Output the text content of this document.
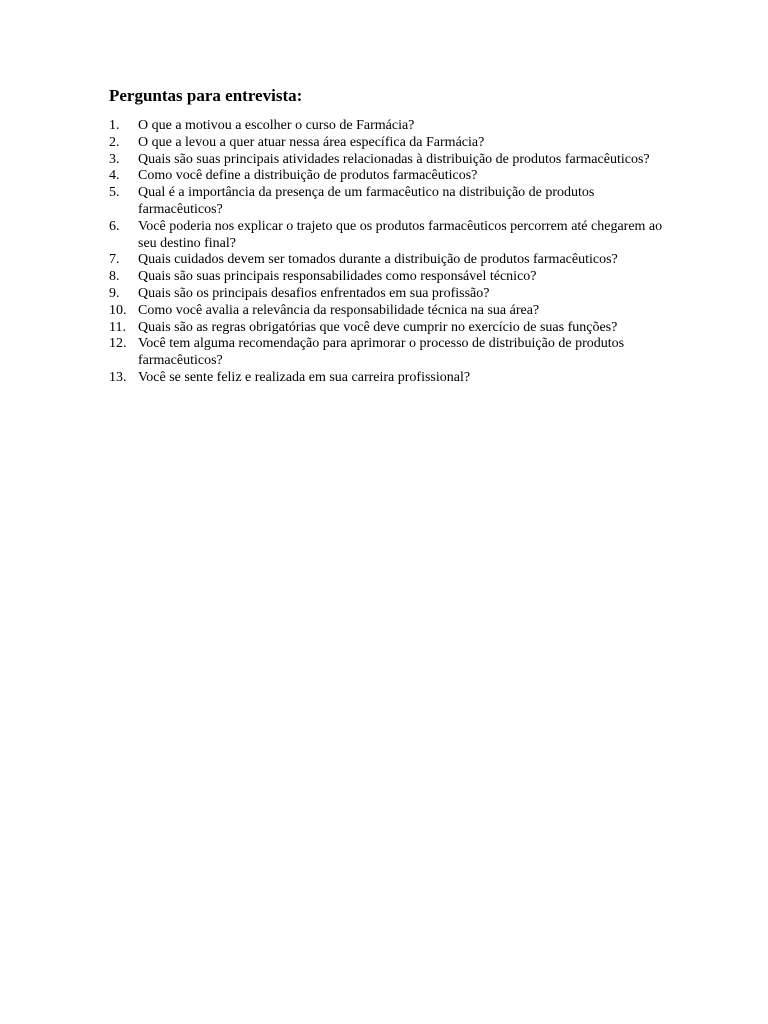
Perguntas para entrevista:
1.	O que a motivou a escolher o curso de Farmácia?
2.	O que a levou a quer atuar nessa área específica da Farmácia?
3.	Quais são suas principais atividades relacionadas à distribuição de produtos farmacêuticos?
4.	Como você define a distribuição de produtos farmacêuticos?
5.	Qual é a importância da presença de um farmacêutico na distribuição de produtos farmacêuticos?
6.	Você poderia nos explicar o trajeto que os produtos farmacêuticos percorrem até chegarem ao seu destino final?
7.	Quais cuidados devem ser tomados durante a distribuição de produtos farmacêuticos?
8.	Quais são suas principais responsabilidades como responsável técnico?
9.	Quais são os principais desafios enfrentados em sua profissão?
10. Como você avalia a relevância da responsabilidade técnica na sua área?
11. Quais são as regras obrigatórias que você deve cumprir no exercício de suas funções?
12. Você tem alguma recomendação para aprimorar o processo de distribuição de produtos farmacêuticos?
13. Você se sente feliz e realizada em sua carreira profissional?
